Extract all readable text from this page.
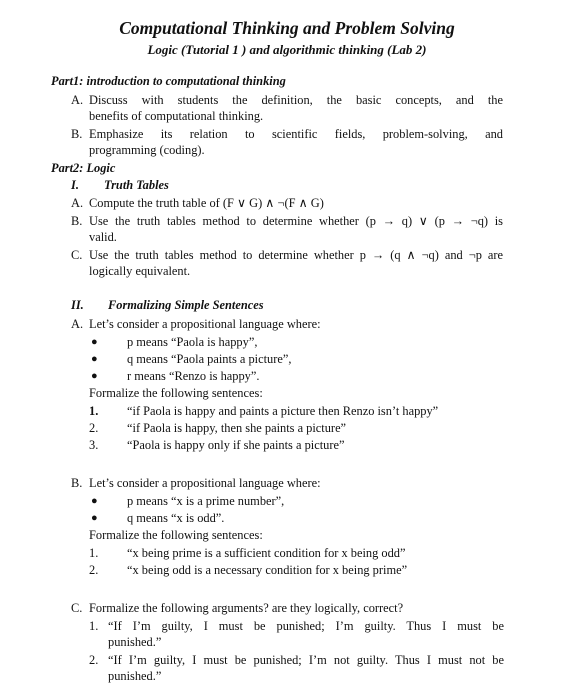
Computational Thinking and Problem Solving
Logic (Tutorial 1 ) and algorithmic thinking (Lab 2)
Part1: introduction to computational thinking
A. Discuss with students the definition, the basic concepts, and the
benefits of computational thinking.
B. Emphasize its relation to scientific fields, problem-solving, and
programming (coding).
Part2: Logic
I. Truth Tables
A. Compute the truth table of (F ∨ G) ∧ ¬(F ∧ G)
B. Use the truth tables method to determine whether (p → q) ∨ (p → ¬q) is
valid.
C. Use the truth tables method to determine whether p → (q ∧ ¬q) and ¬p are
logically equivalent.
II. Formalizing Simple Sentences
A. Let’s consider a propositional language where:
● p means “Paola is happy”,
● q means “Paola paints a picture”,
● r means “Renzo is happy”.
Formalize the following sentences:
1. “if Paola is happy and paints a picture then Renzo isn’t happy”
2. “if Paola is happy, then she paints a picture”
3. “Paola is happy only if she paints a picture”
B. Let’s consider a propositional language where:
● p means “x is a prime number”,
● q means “x is odd”.
Formalize the following sentences:
1. “x being prime is a sufficient condition for x being odd”
2. “x being odd is a necessary condition for x being prime”
C. Formalize the following arguments? are they logically, correct?
1. “If I’m guilty, I must be punished; I’m guilty. Thus I must be
punished.”
2. “If I’m guilty, I must be punished; I’m not guilty. Thus I must not be
punished.”
